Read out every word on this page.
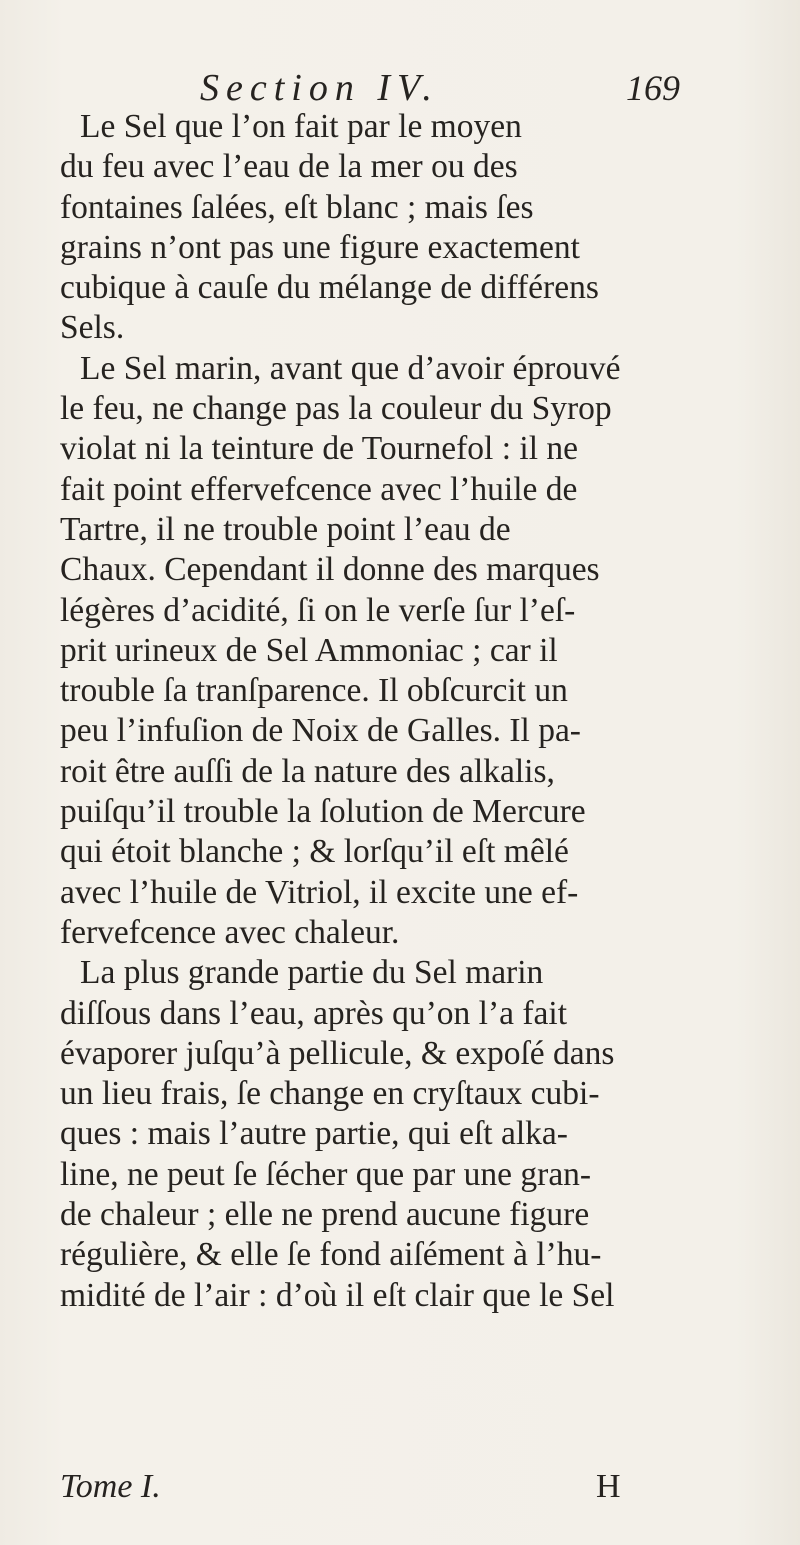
Section IV.	169
Le Sel que l’on fait par le moyen
du feu avec l’eau de la mer ou des
fontaines ſalées, eſt blanc ; mais ſes
grains n’ont pas une figure exactement
cubique à cauſe du mélange de différens
Sels.
Le Sel marin, avant que d’avoir éprouvé
le feu, ne change pas la couleur du Syrop
violat ni la teinture de Tournefol : il ne
fait point effervefcence avec l’huile de
Tartre, il ne trouble point l’eau de
Chaux. Cependant il donne des marques
légères d’acidité, ſi on le verſe ſur l’eſ-
prit urineux de Sel Ammoniac ; car il
trouble ſa tranſparence. Il obſcurcit un
peu l’infuſion de Noix de Galles. Il pa-
roit être auſſi de la nature des alkalis,
puiſqu’il trouble la ſolution de Mercure
qui étoit blanche ; & lorſqu’il eſt mêlé
avec l’huile de Vitriol, il excite une ef-
fervefcence avec chaleur.
La plus grande partie du Sel marin
diſſous dans l’eau, après qu’on l’a fait
évaporer juſqu’à pellicule, & expoſé dans
un lieu frais, ſe change en cryſtaux cubi-
ques : mais l’autre partie, qui eſt alka-
line, ne peut ſe ſécher que par une gran-
de chaleur ; elle ne prend aucune figure
régulière, & elle ſe fond aiſément à l’hu-
midité de l’air : d’où il eſt clair que le Sel
Tome I.	H
